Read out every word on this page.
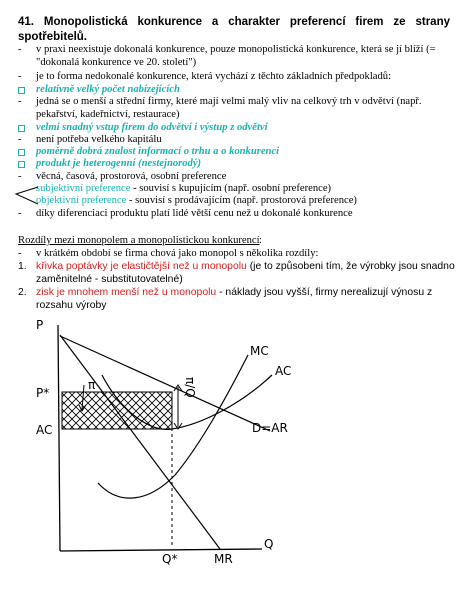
41. Monopolistická konkurence a charakter preferencí firem ze strany spotřebitelů.
-	v praxi neexistuje dokonalá konkurence, pouze monopolistická konkurence, která se jí blíží (= "dokonalá konkurence ve 20. století")
-	je to forma nedokonalé konkurence, která vychází z těchto základních předpokladů:
relativně velký počet nabízejících
-	jedná se o menší a střední firmy, které mají velmi malý vliv na celkový trh v odvětví (např. pekařství, kadeřnictví, restaurace)
velmi snadný vstup firem do odvětví i výstup z odvětví
-	není potřeba velkého kapitálu
poměrně dobrá znalost informací o trhu a o konkurenci
produkt je heterogenní (nestejnorodý)
-	věcná, časová, prostorová, osobní preference
subjektivní preference - souvisí s kupujícím (např. osobní preference)
objektivní preference - souvisí s prodávajícím (např. prostorová preference)
-	díky diferenciaci produktu platí lidé větší cenu než u dokonalé konkurence
Rozdíly mezi monopolem a monopolistickou konkurencí :
-	v krátkém období se firma chová jako monopol s několika rozdíly:
1. křivka poptávky je elastičtější než u monopolu (je to způsobeni tím, že výrobky jsou snadno zaměnitelné - substitutovatelné)
2. zisk je mnohem menší než u monopolu - náklady jsou vyšší, firmy nerealizují výnosu z rozsahu výroby
P
Q
P*
AC
Q*
MC
AC
D=AR
MR
π	π/Q
